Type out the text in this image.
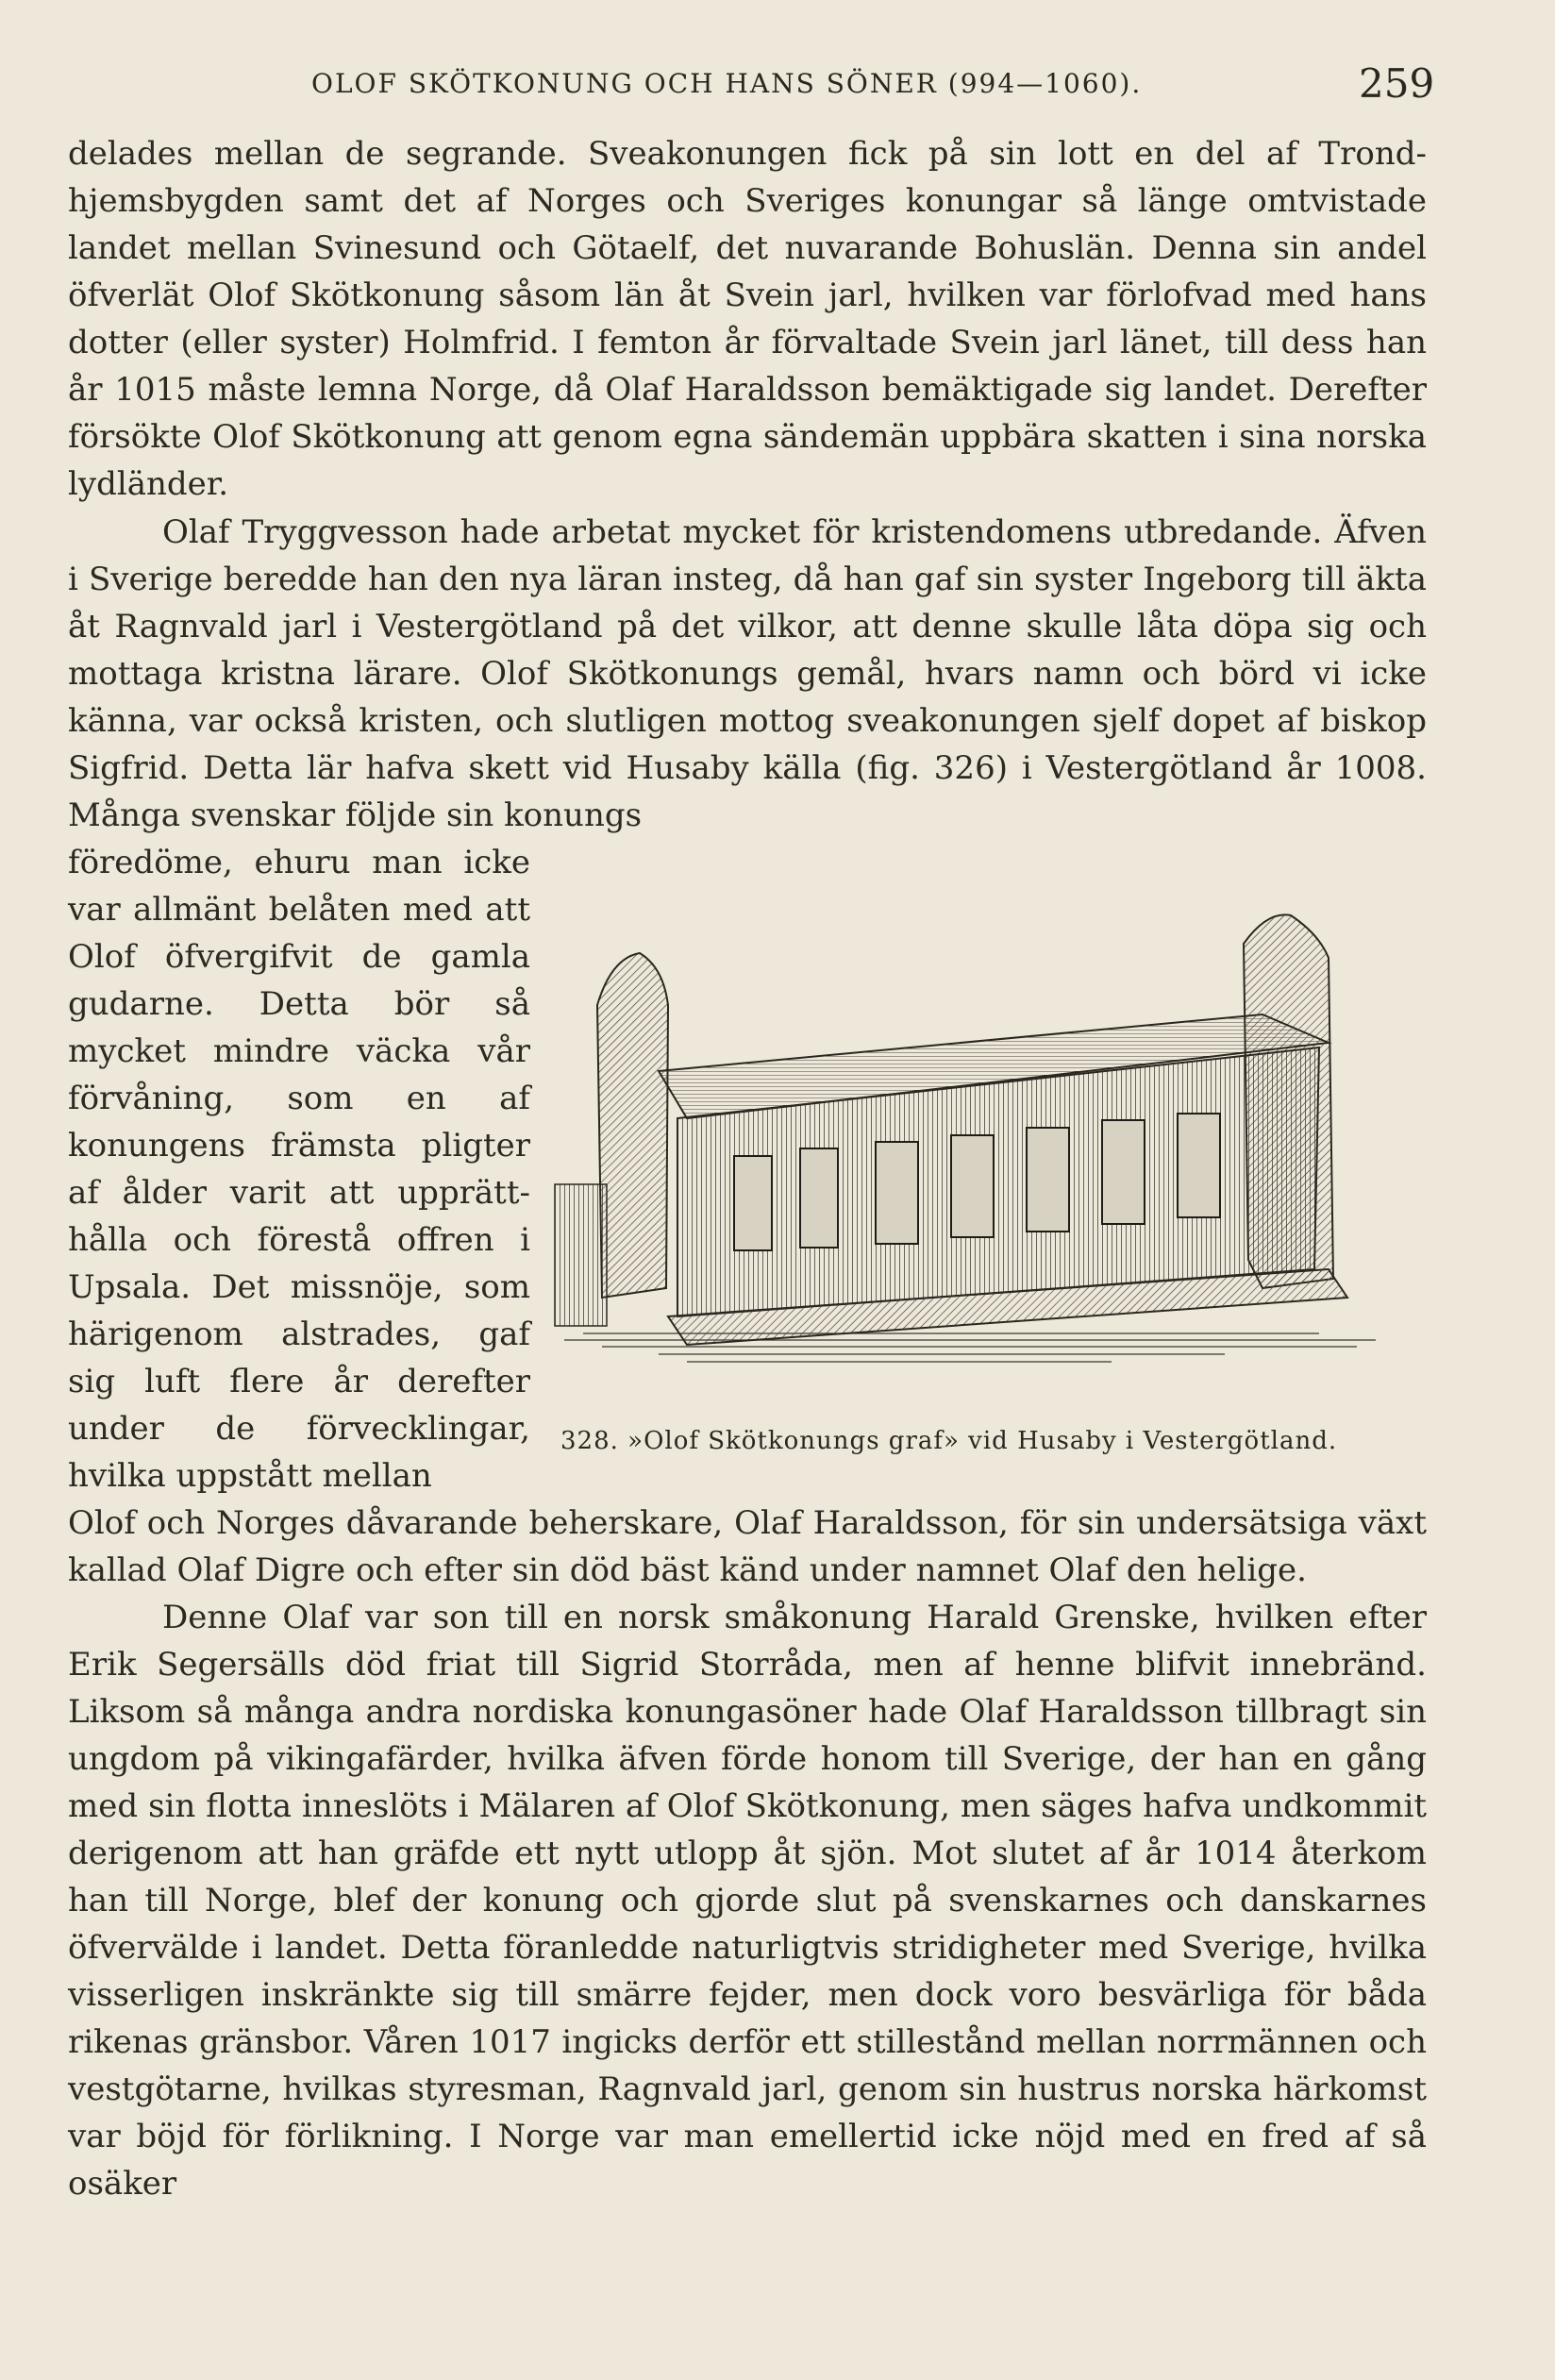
OLOF SKÖTKONUNG OCH HANS SÖNER (994—1060).	259

delades mellan de segrande. Sveakonungen fick på sin lott en del af Trondhjemsbygden samt det af Norges och Sveriges konungar så länge omtvistade landet mellan Svinesund och Götaelf, det nuvarande Bohuslän. Denna sin andel öfverlät Olof Skötkonung såsom län åt Svein jarl, hvilken var förlofvad med hans dotter (eller syster) Holmfrid. I femton år förvaltade Svein jarl länet, till dess han år 1015 måste lemna Norge, då Olaf Haraldsson bemäktigade sig landet. Derefter försökte Olof Skötkonung att genom egna sändemän uppbära skatten i sina norska lydländer.

Olaf Tryggvesson hade arbetat mycket för kristendomens utbredande. Äfven i Sverige beredde han den nya läran insteg, då han gaf sin syster Ingeborg till äkta åt Ragnvald jarl i Vestergötland på det vilkor, att denne skulle låta döpa sig och mottaga kristna lärare. Olof Skötkonungs gemål, hvars namn och börd vi icke känna, var också kristen, och slutligen mottog sveakonungen sjelf dopet af biskop Sigfrid. Detta lär hafva skett vid Husaby källa (fig. 326) i Vestergötland år 1008. Många svenskar följde sin konungs

föredöme, ehuru man icke var allmänt belåten med att Olof öfvergifvit de gamla gudarne. Detta bör så mycket mindre väcka vår förvåning, som en af konungens främsta pligter af ålder varit att upprätthålla och förestå offren i Upsala. Det missnöje, som härigenom alstrades, gaf sig luft flere år derefter under de förvecklingar, hvilka uppstått mellan

328. »Olof Skötkonungs graf» vid Husaby i Vestergötland.

Olof och Norges dåvarande beherskare, Olaf Haraldsson, för sin undersätsiga växt kallad Olaf Digre och efter sin död bäst känd under namnet Olaf den helige.

Denne Olaf var son till en norsk småkonung Harald Grenske, hvilken efter Erik Segersälls död friat till Sigrid Storråda, men af henne blifvit innebränd. Liksom så många andra nordiska konungasöner hade Olaf Haraldsson tillbragt sin ungdom på vikingafärder, hvilka äfven förde honom till Sverige, der han en gång med sin flotta inneslöts i Mälaren af Olof Skötkonung, men säges hafva undkommit derigenom att han gräfde ett nytt utlopp åt sjön. Mot slutet af år 1014 återkom han till Norge, blef der konung och gjorde slut på svenskarnes och danskarnes öfvervälde i landet. Detta föranledde naturligtvis stridigheter med Sverige, hvilka visserligen inskränkte sig till smärre fejder, men dock voro besvärliga för båda rikenas gränsbor. Våren 1017 ingicks derför ett stillestånd mellan norrmännen och vestgötarne, hvilkas styresman, Ragnvald jarl, genom sin hustrus norska härkomst var böjd för förlikning. I Norge var man emellertid icke nöjd med en fred af så osäker
